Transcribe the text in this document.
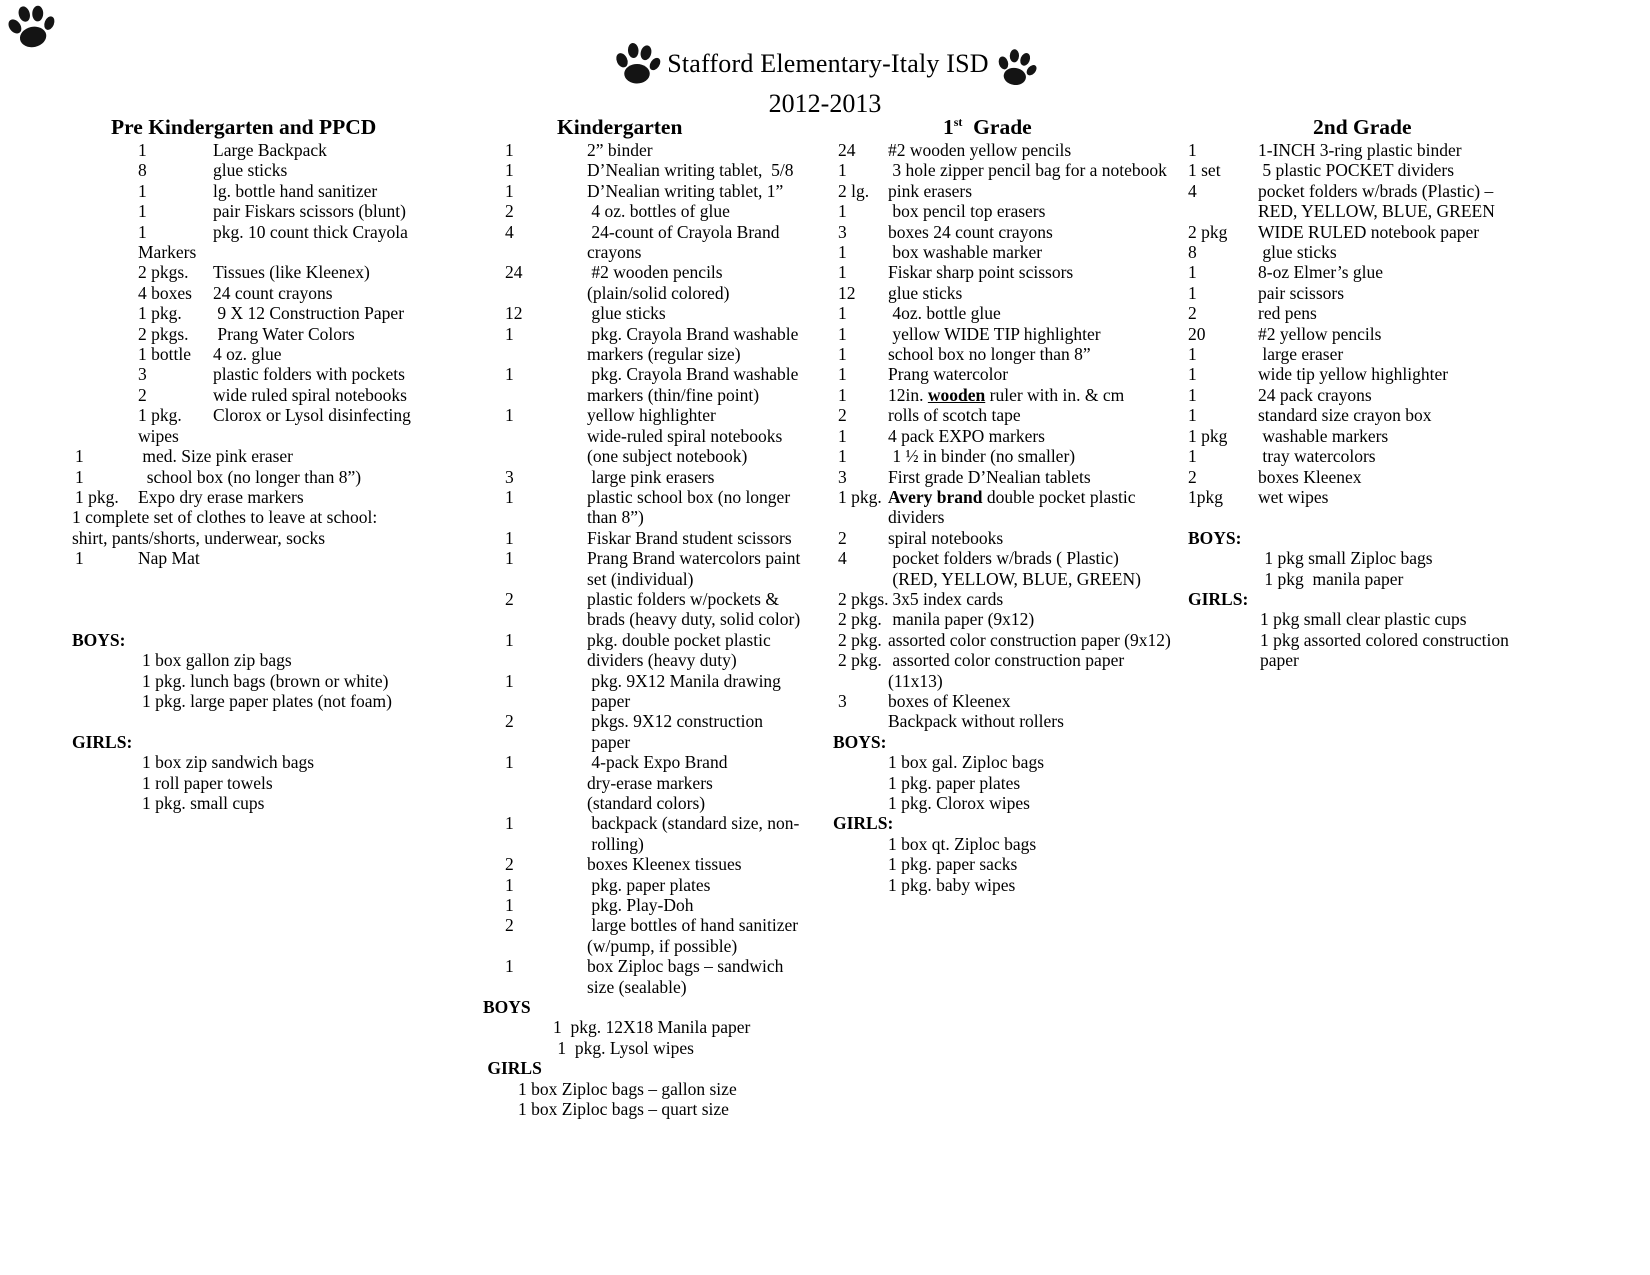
Stafford Elementary-Italy ISD
2012-2013
Pre Kindergarten and PPCD
1	Large Backpack
8	glue sticks
1	lg. bottle hand sanitizer
1	pair Fiskars scissors (blunt)
1	pkg. 10 count thick Crayola
Markers
2 pkgs.	Tissues (like Kleenex)
4 boxes	24 count crayons
1 pkg.	9 X 12 Construction Paper
2 pkgs.	Prang Water Colors
1 bottle	4 oz. glue
3	plastic folders with pockets
2	wide ruled spiral notebooks
1 pkg.	Clorox or Lysol disinfecting
wipes
1	med. Size pink eraser
1	school box (no longer than 8”)
1 pkg.	Expo dry erase markers
1 complete set of clothes to leave at school:
shirt, pants/shorts, underwear, socks
1	Nap Mat
BOYS:
1 box gallon zip bags
1 pkg. lunch bags (brown or white)
1 pkg. large paper plates (not foam)
GIRLS:
1 box zip sandwich bags
1 roll paper towels
1 pkg. small cups
Kindergarten
1	2” binder
1	D’Nealian writing tablet,  5/8
1	D’Nealian writing tablet, 1”
2	4 oz. bottles of glue
4	24-count of Crayola Brand
crayons
24	#2 wooden pencils
(plain/solid colored)
12	glue sticks
1	pkg. Crayola Brand washable
markers (regular size)
1	pkg. Crayola Brand washable
markers (thin/fine point)
1	yellow highlighter
wide-ruled spiral notebooks
(one subject notebook)
3	large pink erasers
1	plastic school box (no longer
than 8”)
1	Fiskar Brand student scissors
1	Prang Brand watercolors paint
set (individual)
2	plastic folders w/pockets &
brads (heavy duty, solid color)
1	pkg. double pocket plastic
dividers (heavy duty)
1	pkg. 9X12 Manila drawing
paper
2	pkgs. 9X12 construction
paper
1	4-pack Expo Brand
dry-erase markers
(standard colors)
1	backpack (standard size, non-
rolling)
2	boxes Kleenex tissues
1	pkg. paper plates
1	pkg. Play-Doh
2	large bottles of hand sanitizer
(w/pump, if possible)
1	box Ziploc bags – sandwich
size (sealable)
BOYS
1  pkg. 12X18 Manila paper
1  pkg. Lysol wipes
GIRLS
1 box Ziploc bags – gallon size
1 box Ziploc bags – quart size
1st  Grade
24	#2 wooden yellow pencils
1	3 hole zipper pencil bag for a notebook
2 lg.	pink erasers
1	box pencil top erasers
3	boxes 24 count crayons
1	box washable marker
1	Fiskar sharp point scissors
12	glue sticks
1	4oz. bottle glue
1	yellow WIDE TIP highlighter
1	school box no longer than 8”
1	Prang watercolor
1	12in. wooden ruler with in. & cm
2	rolls of scotch tape
1	4 pack EXPO markers
1	1 ½ in binder (no smaller)
3	First grade D’Nealian tablets
1 pkg. Avery brand double pocket plastic
dividers
2	spiral notebooks
4	pocket folders w/brads ( Plastic)
(RED, YELLOW, BLUE, GREEN)
2 pkgs. 3x5 index cards
2 pkg. manila paper (9x12)
2 pkg. assorted color construction paper (9x12)
2 pkg. assorted color construction paper
(11x13)
3	boxes of Kleenex
Backpack without rollers
BOYS:
1 box gal. Ziploc bags
1 pkg. paper plates
1 pkg. Clorox wipes
GIRLS:
1 box qt. Ziploc bags
1 pkg. paper sacks
1 pkg. baby wipes
2nd Grade
1	1-INCH 3-ring plastic binder
1 set	5 plastic POCKET dividers
4	pocket folders w/brads (Plastic) –
RED, YELLOW, BLUE, GREEN
2 pkg	WIDE RULED notebook paper
8	glue sticks
1	8-oz Elmer’s glue
1	pair scissors
2	red pens
20	#2 yellow pencils
1	large eraser
1	wide tip yellow highlighter
1	24 pack crayons
1	standard size crayon box
1 pkg	washable markers
1	tray watercolors
2	boxes Kleenex
1pkg	wet wipes
BOYS:
1 pkg small Ziploc bags
1 pkg  manila paper
GIRLS:
1 pkg small clear plastic cups
1 pkg assorted colored construction
paper
